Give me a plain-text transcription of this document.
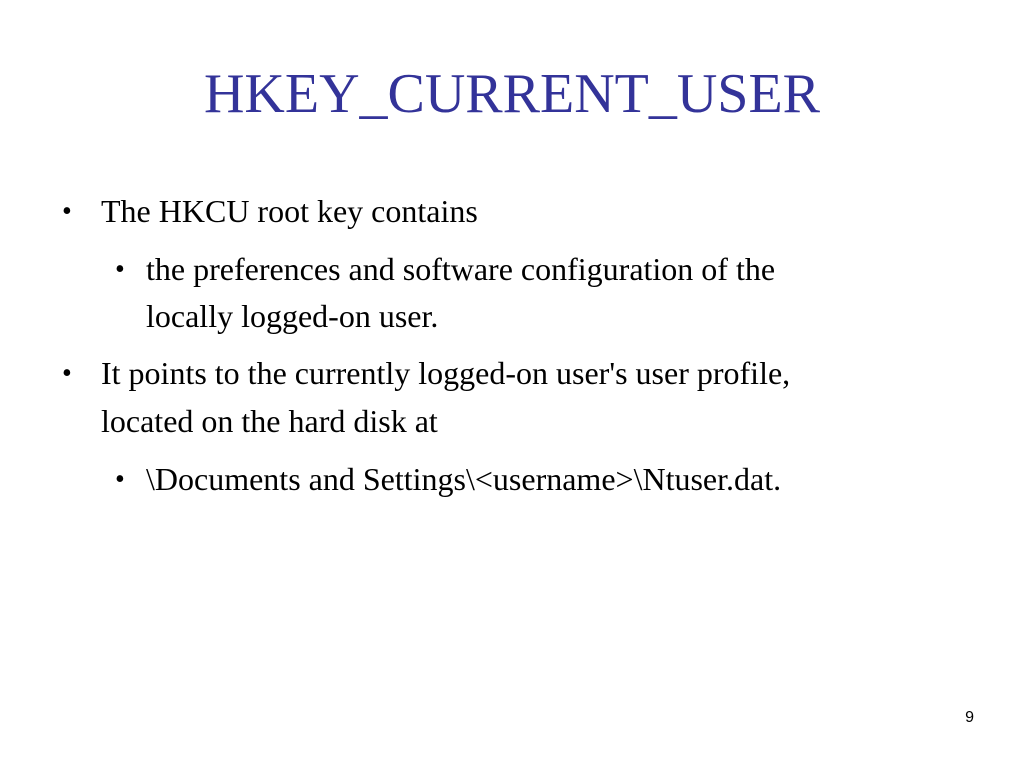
HKEY_CURRENT_USER
• The HKCU root key contains
• the preferences and software configuration of the
locally logged-on user.
• It points to the currently logged-on user's user profile,
located on the hard disk at
• \Documents and Settings\<username>\Ntuser.dat.
9
